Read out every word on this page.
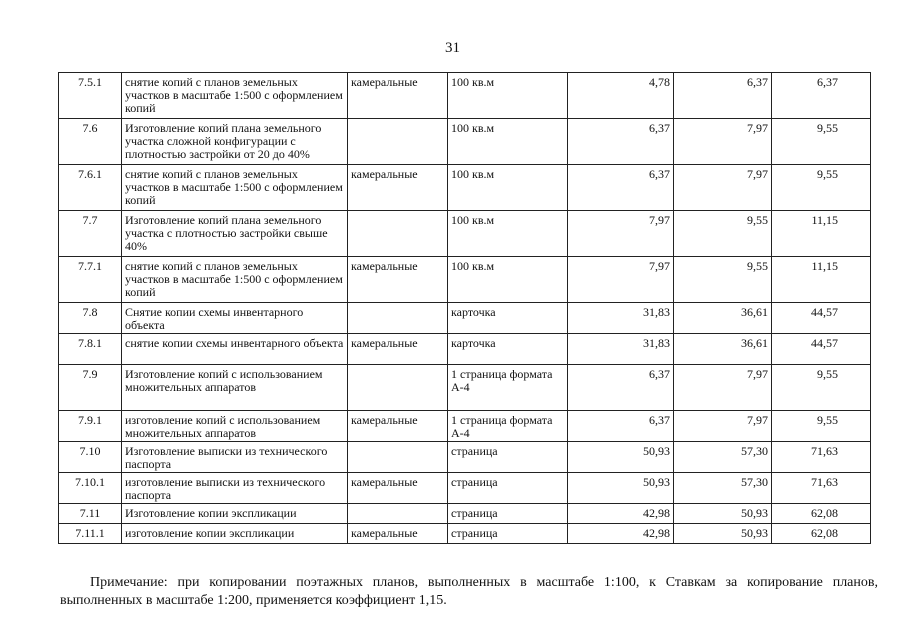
31
7.5.1	снятие копий с планов земельных участков в масштабе 1:500 с оформлением копий	камеральные	100 кв.м	4,78	6,37	6,37
7.6	Изготовление копий плана земельного участка сложной конфигурации с плотностью застройки от 20 до 40%		100 кв.м	6,37	7,97	9,55
7.6.1	снятие копий с планов земельных участков в масштабе 1:500 с оформлением копий	камеральные	100 кв.м	6,37	7,97	9,55
7.7	Изготовление копий плана земельного участка с плотностью застройки свыше 40%		100 кв.м	7,97	9,55	11,15
7.7.1	снятие копий с планов земельных участков в масштабе 1:500 с оформлением копий	камеральные	100 кв.м	7,97	9,55	11,15
7.8	Снятие копии схемы инвентарного объекта		карточка	31,83	36,61	44,57
7.8.1	снятие копии схемы инвентарного объекта	камеральные	карточка	31,83	36,61	44,57
7.9	Изготовление копий с использованием множительных аппаратов		1 страница формата А-4	6,37	7,97	9,55
7.9.1	изготовление копий с использованием множительных аппаратов	камеральные	1 страница формата А-4	6,37	7,97	9,55
7.10	Изготовление выписки из технического паспорта		страница	50,93	57,30	71,63
7.10.1	изготовление выписки из технического паспорта	камеральные	страница	50,93	57,30	71,63
7.11	Изготовление копии экспликации		страница	42,98	50,93	62,08
7.11.1	изготовление копии экспликации	камеральные	страница	42,98	50,93	62,08
Примечание: при копировании поэтажных планов, выполненных в масштабе 1:100, к Ставкам за копирование планов, выполненных в масштабе 1:200, применяется коэффициент 1,15.
